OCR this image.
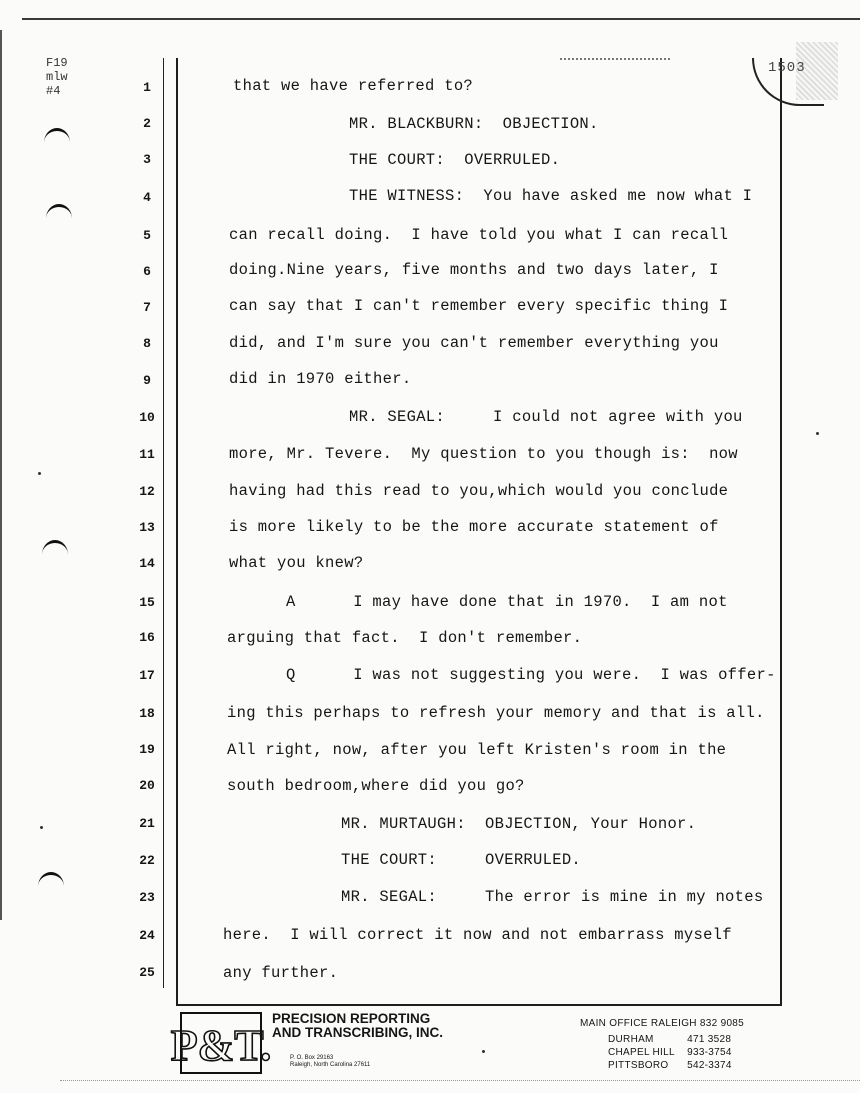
1503
F19
mlw
#4	1	that we have referred to?
2	MR. BLACKBURN:  OBJECTION.
3	THE COURT:  OVERRULED.
4	THE WITNESS:  You have asked me now what I
5	can recall doing.  I have told you what I can recall
6	doing.Nine years, five months and two days later, I
7	can say that I can't remember every specific thing I
8	did, and I'm sure you can't remember everything you
9	did in 1970 either.
10	MR. SEGAL:     I could not agree with you
11	more, Mr. Tevere.  My question to you though is:  now
12	having had this read to you,which would you conclude
13	is more likely to be the more accurate statement of
14	what you knew?
15	A      I may have done that in 1970.  I am not
16	arguing that fact.  I don't remember.
17	Q      I was not suggesting you were.  I was offer-
18	ing this perhaps to refresh your memory and that is all.
19	All right, now, after you left Kristen's room in the
20	south bedroom,where did you go?
21	MR. MURTAUGH:  OBJECTION, Your Honor.
22	THE COURT:     OVERRULED.
23	MR. SEGAL:     The error is mine in my notes
24	here.  I will correct it now and not embarrass myself
25	any further.
P&T.
PRECISION REPORTING
AND TRANSCRIBING, INC.
P. O. Box 29163
Raleigh, North Carolina 27611
MAIN OFFICE RALEIGH 832 9085
DURHAM	471 3528
CHAPEL HILL 933-3754
PITTSBORO 542-3374
